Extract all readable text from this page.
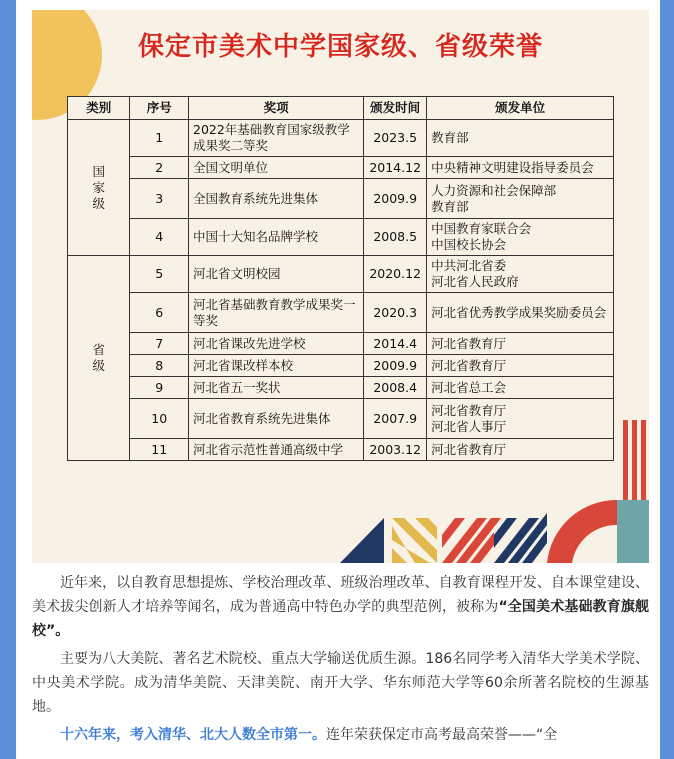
保定市美术中学国家级、省级荣誉
类别	序号	奖项	颁发时间	颁发单位
国
家
级	1	2022年基础教育国家级教学成果奖二等奖	2023.5	教育部
	2	全国文明单位	2014.12	中央精神文明建设指导委员会
	3	全国教育系统先进集体	2009.9	人力资源和社会保障部
教育部
	4	中国十大知名品牌学校	2008.5	中国教育家联合会
中国校长协会
省
级	5	河北省文明校园	2020.12	中共河北省委
河北省人民政府
	6	河北省基础教育教学成果奖一等奖	2020.3	河北省优秀教学成果奖励委员会
	7	河北省课改先进学校	2014.4	河北省教育厅
	8	河北省课改样本校	2009.9	河北省教育厅
	9	河北省五一奖状	2008.4	河北省总工会
	10	河北省教育系统先进集体	2007.9	河北省教育厅
河北省人事厅
	11	河北省示范性普通高级中学	2003.12	河北省教育厅

近年来，以自教育思想提炼、学校治理改革、班级治理改革、自教育课程开发、自本课堂建设、美术拔尖创新人才培养等闻名，成为普通高中特色办学的典型范例，被称为“全国美术基础教育旗舰校”。

主要为八大美院、著名艺术院校、重点大学输送优质生源。186名同学考入清华大学美术学院、中央美术学院。成为清华美院、天津美院、南开大学、华东师范大学等60余所著名院校的生源基地。

十六年来，考入清华、北大人数全市第一。连年荣获保定市高考最高荣誉——“全
